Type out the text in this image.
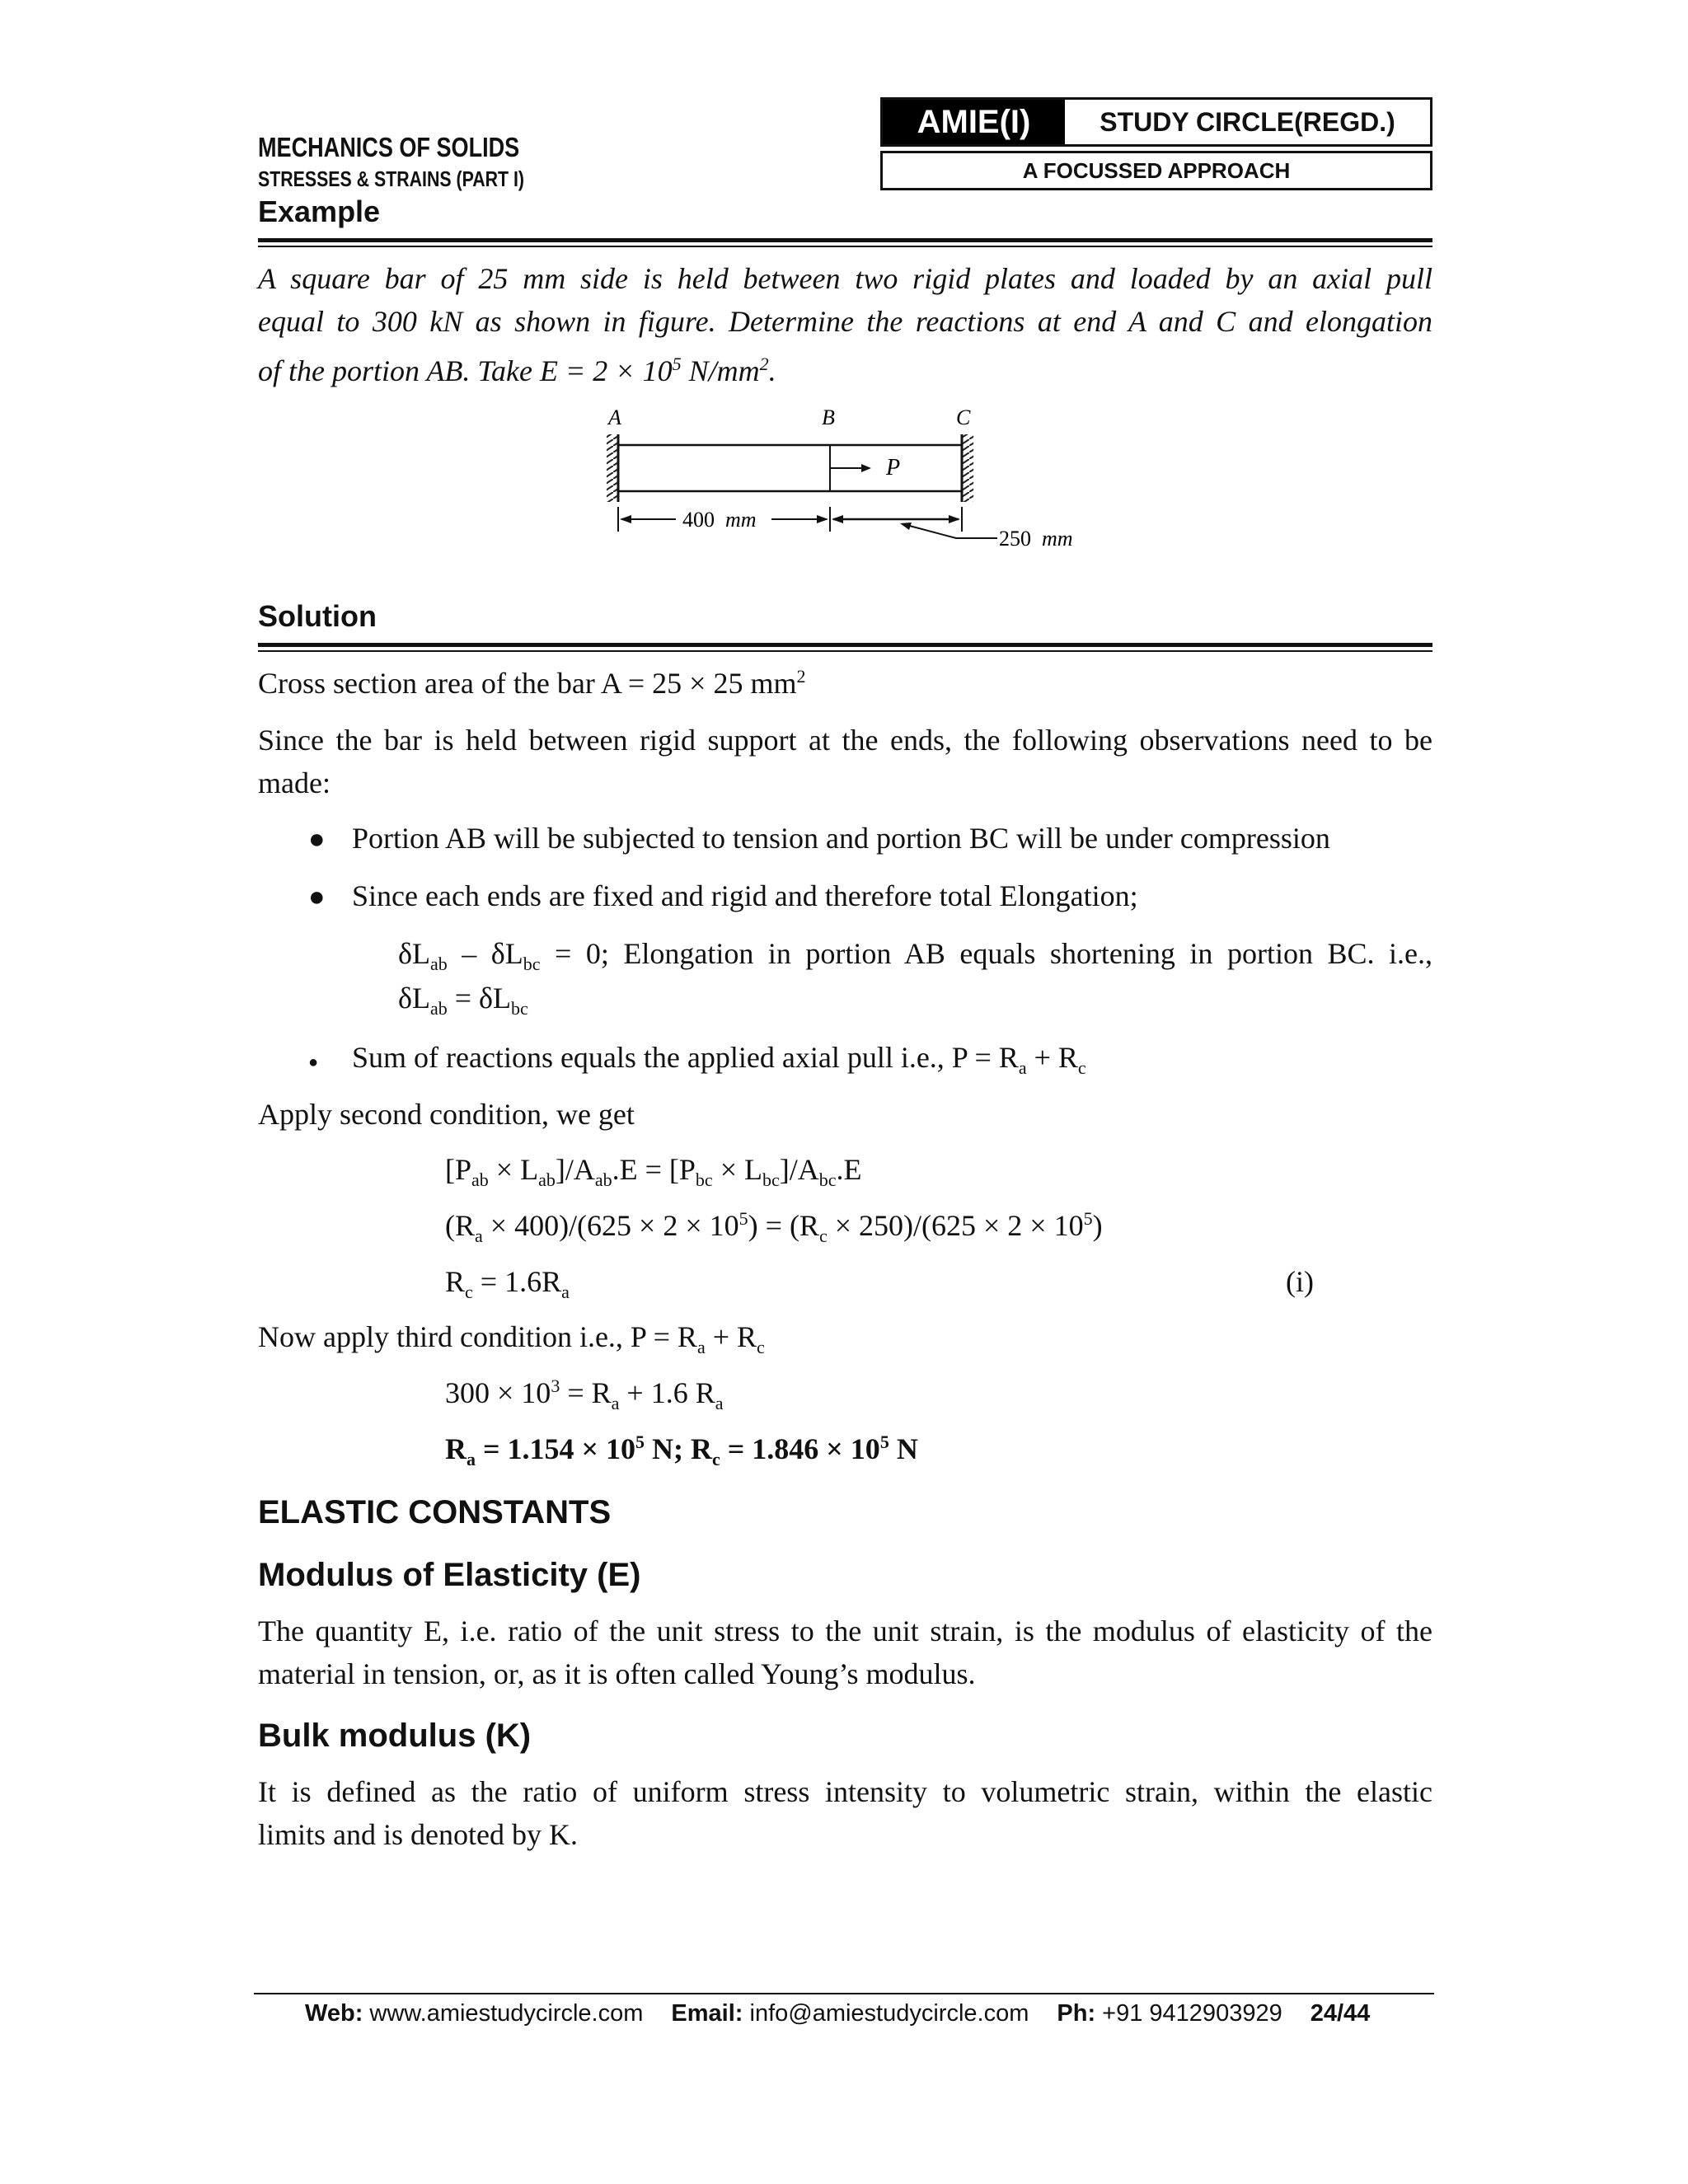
AMIE(I)	STUDY CIRCLE(REGD.)
A FOCUSSED APPROACH
MECHANICS OF SOLIDS
STRESSES & STRAINS (PART I)
Example
A square bar of 25 mm side is held between two rigid plates and loaded by an axial pull
equal to 300 kN as shown in figure. Determine the reactions at end A and C and elongation
of the portion AB. Take $E = 2 \times 10^5$ $N/mm^2$.
P
A	B	C
400 mm
250 mm
Solution
Cross section area of the bar A = 25 × 25 $mm^2$
Since the bar is held between rigid support at the ends, the following observations need to be
made:
● Portion AB will be subjected to tension and portion BC will be under compression
● Since each ends are fixed and rigid and therefore total Elongation;
$\delta L_{ab} - \delta L_{bc} = 0$; Elongation in portion AB equals shortening in portion BC. i.e.,
$\delta L_{ab} = \delta L_{bc}$
● Sum of reactions equals the applied axial pull i.e., $P = R_a + R_c$
Apply second condition, we get
$[P_{ab} \times L_{ab}]/A_{ab}.E = [P_{bc} \times L_{bc}]/A_{bc}.E$
$(R_a \times 400)/(625 \times 2 \times 10^5) = (R_c \times 250)/(625 \times 2 \times 10^5)$
$R_c = 1.6R_a$	(i)
Now apply third condition i.e., $P = R_a + R_c$
$300 \times 10^3 = R_a + 1.6$ $R_a$
$R_a = 1.154 \times 10^5$ N; $R_c = 1.846 \times 10^5$ N
ELASTIC CONSTANTS
Modulus of Elasticity (E)
The quantity E, i.e. ratio of the unit stress to the unit strain, is the modulus of elasticity of the
material in tension, or, as it is often called Young’s modulus.
Bulk modulus (K)
It is defined as the ratio of uniform stress intensity to volumetric strain, within the elastic
limits and is denoted by K.
Web: www.amiestudycircle.com Email: info@amiestudycircle.com Ph: +91 9412903929 24/44
